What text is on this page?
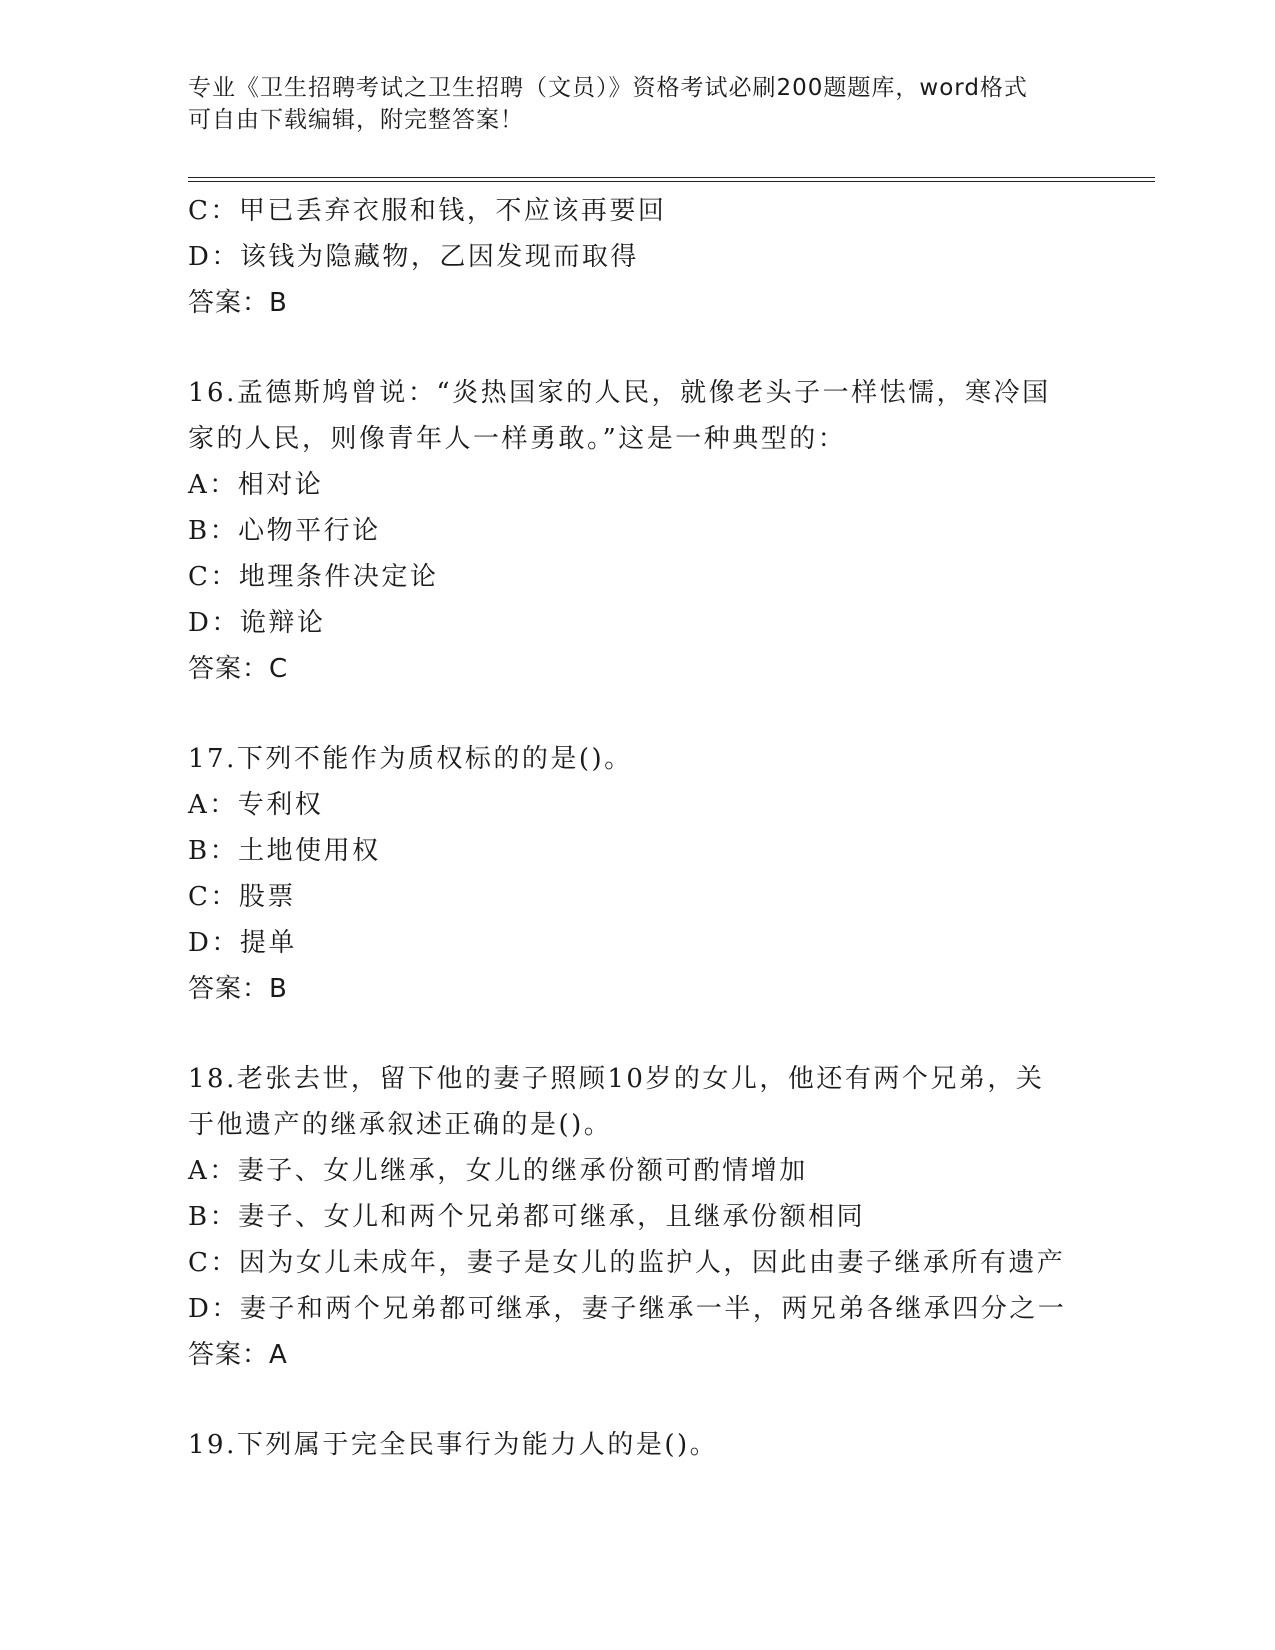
专业《卫生招聘考试之卫生招聘（文员）》资格考试必刷200题题库，word格式
可自由下载编辑，附完整答案！
C：甲已丢弃衣服和钱，不应该再要回
D：该钱为隐藏物，乙因发现而取得
答案：B
16.孟德斯鸠曾说：“炎热国家的人民，就像老头子一样怯懦，寒冷国
家的人民，则像青年人一样勇敢。”这是一种典型的：
A：相对论
B：心物平行论
C：地理条件决定论
D：诡辩论
答案：C
17.下列不能作为质权标的的是()。
A：专利权
B：土地使用权
C：股票
D：提单
答案：B
18.老张去世，留下他的妻子照顾10岁的女儿，他还有两个兄弟，关
于他遗产的继承叙述正确的是()。
A：妻子、女儿继承，女儿的继承份额可酌情增加
B：妻子、女儿和两个兄弟都可继承，且继承份额相同
C：因为女儿未成年，妻子是女儿的监护人，因此由妻子继承所有遗产
D：妻子和两个兄弟都可继承，妻子继承一半，两兄弟各继承四分之一
答案：A
19.下列属于完全民事行为能力人的是()。
